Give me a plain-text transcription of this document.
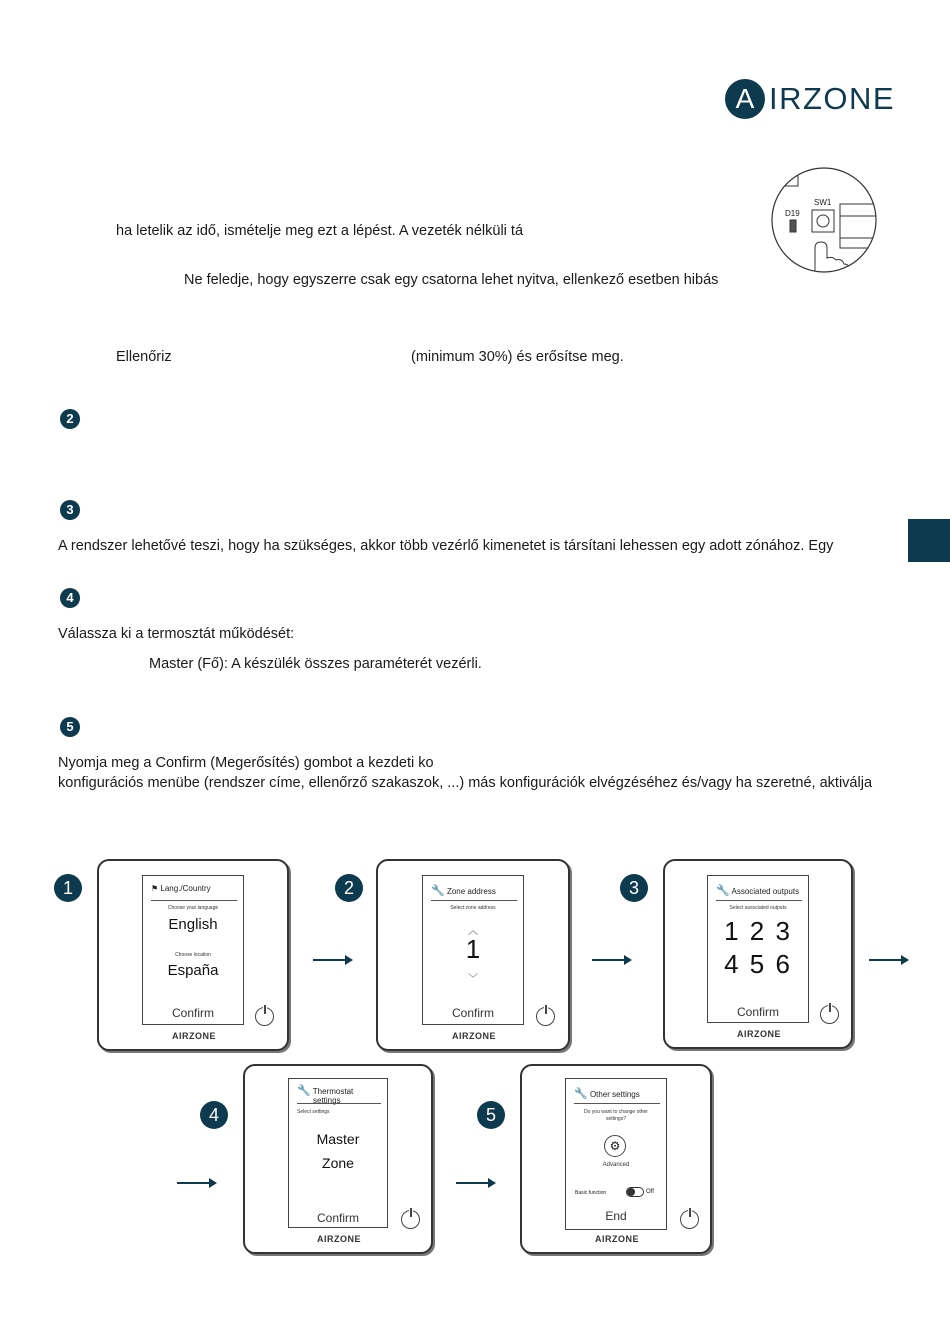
A IRZONE
D19
SW1
ha letelik az idő, ismételje meg ezt a lépést. A vezeték nélküli tá
Ne feledje, hogy egyszerre csak egy csatorna lehet nyitva, ellenkező esetben hibás
Ellenőriz	(minimum 30%) és erősítse meg.
2
3
A rendszer lehetővé teszi, hogy ha szükséges, akkor több vezérlő kimenetet is társítani lehessen egy adott zónához. Egy
4
Válassza ki a termosztát működését:
Master (Fő): A készülék összes paraméterét vezérli.
5
Nyomja meg a Confirm (Megerősítés) gombot a kezdeti ko
konfigurációs menübe (rendszer címe, ellenőrző szakaszok, ...) más konfigurációk elvégzéséhez és/vagy ha szeretné, aktiválja
1	⚑ Lang./Country
Choose your language
English
Choose location
España
Confirm
AIRZONE
2	🔧 Zone address
Select zone address
︿
1
﹀
Confirm
AIRZONE
3	🔧 Associated outputs
Select associated outputs
1 2 3
4 5 6
Confirm
AIRZONE
4
🔧 Thermostat
settings
Select settings
Master
Zone
Confirm
AIRZONE
5
🔧 Other settings
Do you want to change other
settings?
⚙
Advanced
Basic function	Off
End
AIRZONE
